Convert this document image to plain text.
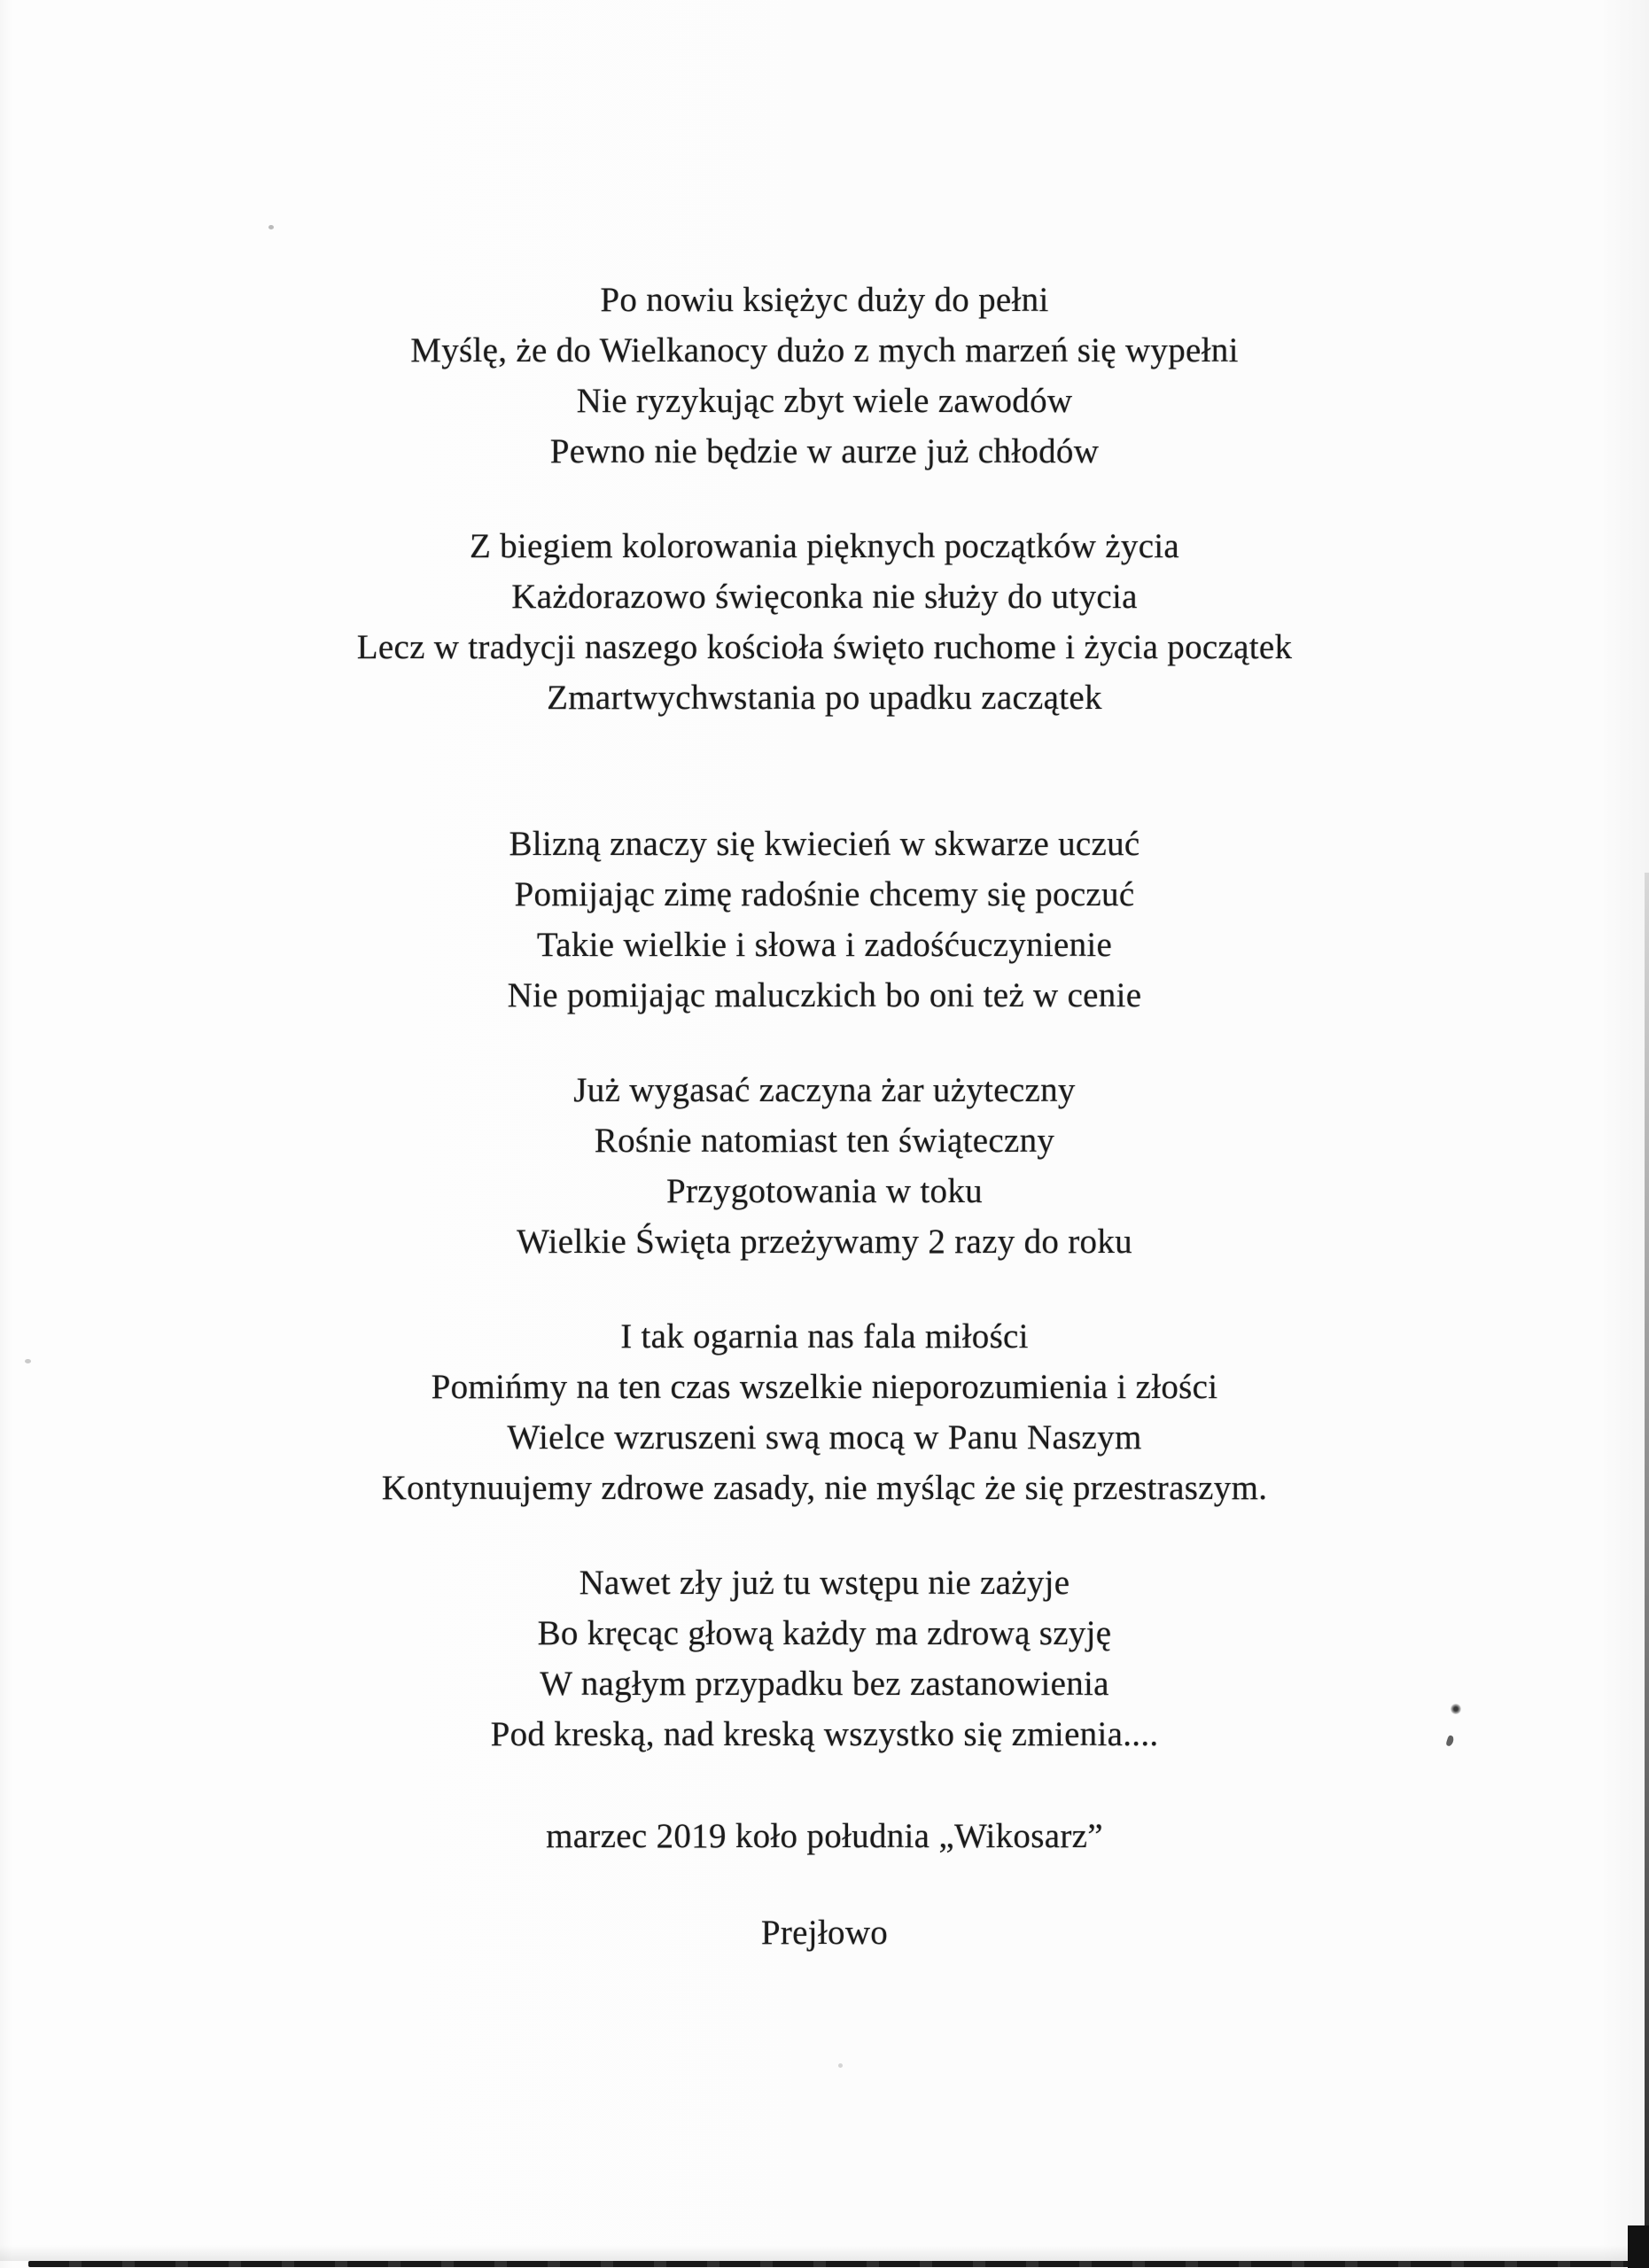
Po nowiu księżyc duży do pełni

Myślę, że do Wielkanocy dużo z mych marzeń się wypełni

Nie ryzykując zbyt wiele zawodów

Pewno nie będzie w aurze już chłodów

Z biegiem kolorowania pięknych początków życia

Każdorazowo święconka nie służy do utycia

Lecz w tradycji naszego kościoła święto ruchome i życia początek

Zmartwychwstania po upadku zaczątek

Blizną znaczy się kwiecień w skwarze uczuć

Pomijając zimę radośnie chcemy się poczuć

Takie wielkie i słowa i zadośćuczynienie

Nie pomijając maluczkich bo oni też w cenie

Już wygasać zaczyna żar użyteczny

Rośnie natomiast ten świąteczny

Przygotowania w toku

Wielkie Święta przeżywamy 2 razy do roku

I tak ogarnia nas fala miłości

Pomińmy na ten czas wszelkie nieporozumienia i złości

Wielce wzruszeni swą mocą w Panu Naszym

Kontynuujemy zdrowe zasady, nie myśląc że się przestraszym.

Nawet zły już tu wstępu nie zażyje

Bo kręcąc głową każdy ma zdrową szyję

W nagłym przypadku bez zastanowienia

Pod kreską, nad kreską wszystko się zmienia....

marzec 2019 koło południa „Wikosarz”

Prejłowo
